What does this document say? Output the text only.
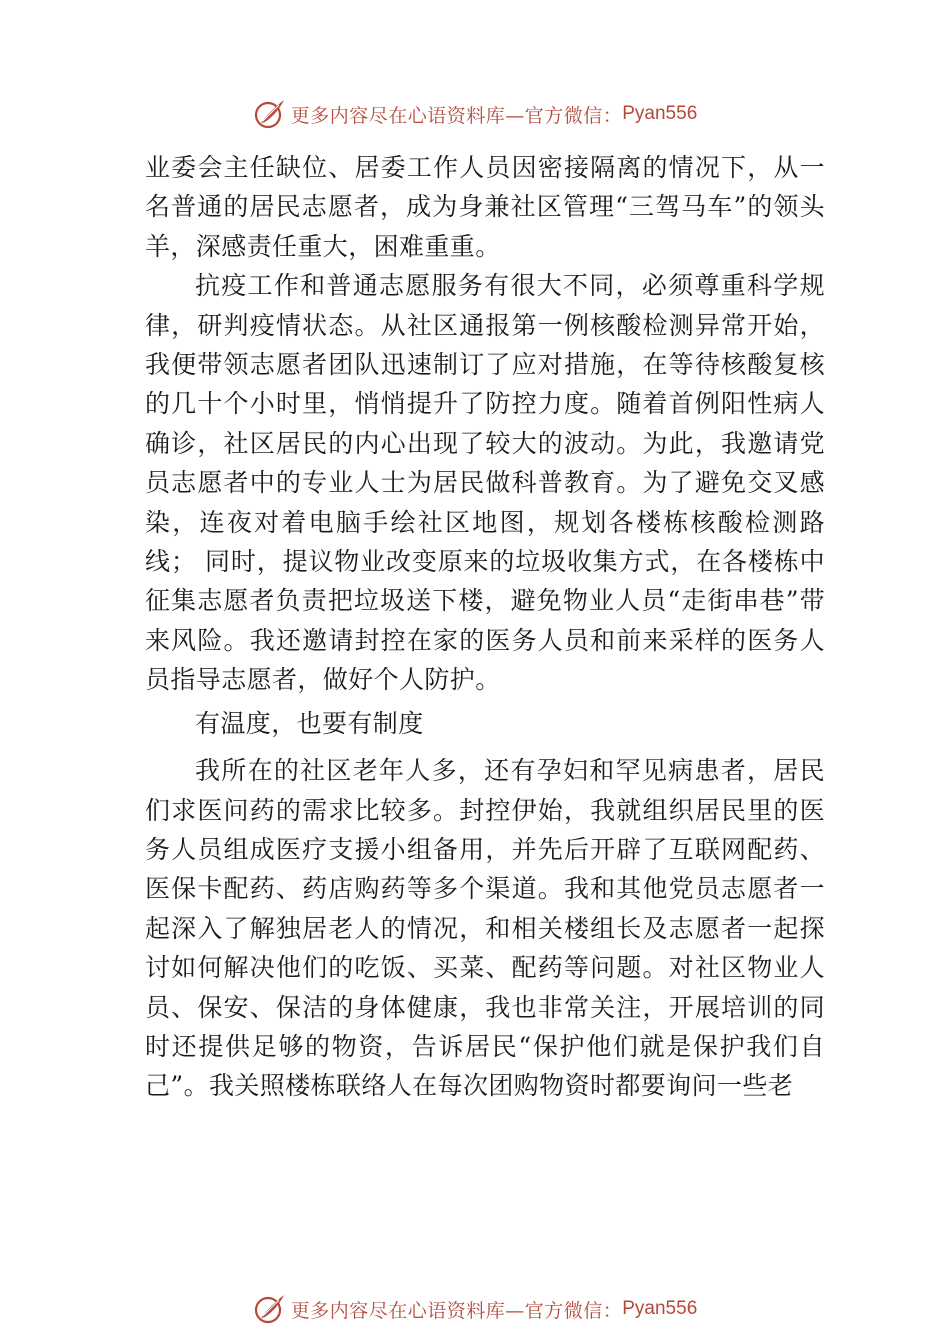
更多内容尽在心语资料库—官方微信： Pyan556

业委会主任缺位、居委工作人员因密接隔离的情况下，从一名普通的居民志愿者，成为身兼社区管理“三驾马车”的领头羊，深感责任重大，困难重重。

抗疫工作和普通志愿服务有很大不同，必须尊重科学规律，研判疫情状态。从社区通报第一例核酸检测异常开始， 我便带领志愿者团队迅速制订了应对措施，在等待核酸复核的几十个小时里，悄悄提升了防控力度。随着首例阳性病人确诊，社区居民的内心出现了较大的波动。为此，我邀请党员志愿者中的专业人士为居民做科普教育。为了避免交叉感染，连夜对着电脑手绘社区地图，规划各楼栋核酸检测路线； 同时，提议物业改变原来的垃圾收集方式，在各楼栋中征集志愿者负责把垃圾送下楼，避免物业人员“走街串巷”带来风险。我还邀请封控在家的医务人员和前来采样的医务人员指导志愿者，做好个人防护。

有温度，也要有制度

我所在的社区老年人多，还有孕妇和罕见病患者，居民们求医问药的需求比较多。封控伊始，我就组织居民里的医务人员组成医疗支援小组备用，并先后开辟了互联网配药、 医保卡配药、药店购药等多个渠道。我和其他党员志愿者一起深入了解独居老人的情况，和相关楼组长及志愿者一起探讨如何解决他们的吃饭、买菜、配药等问题。对社区物业人员、保安、保洁的身体健康，我也非常关注，开展培训的同时还提供足够的物资，告诉居民“保护他们就是保护我们自己”。我关照楼栋联络人在每次团购物资时都要询问一些老

更多内容尽在心语资料库—官方微信： Pyan556
